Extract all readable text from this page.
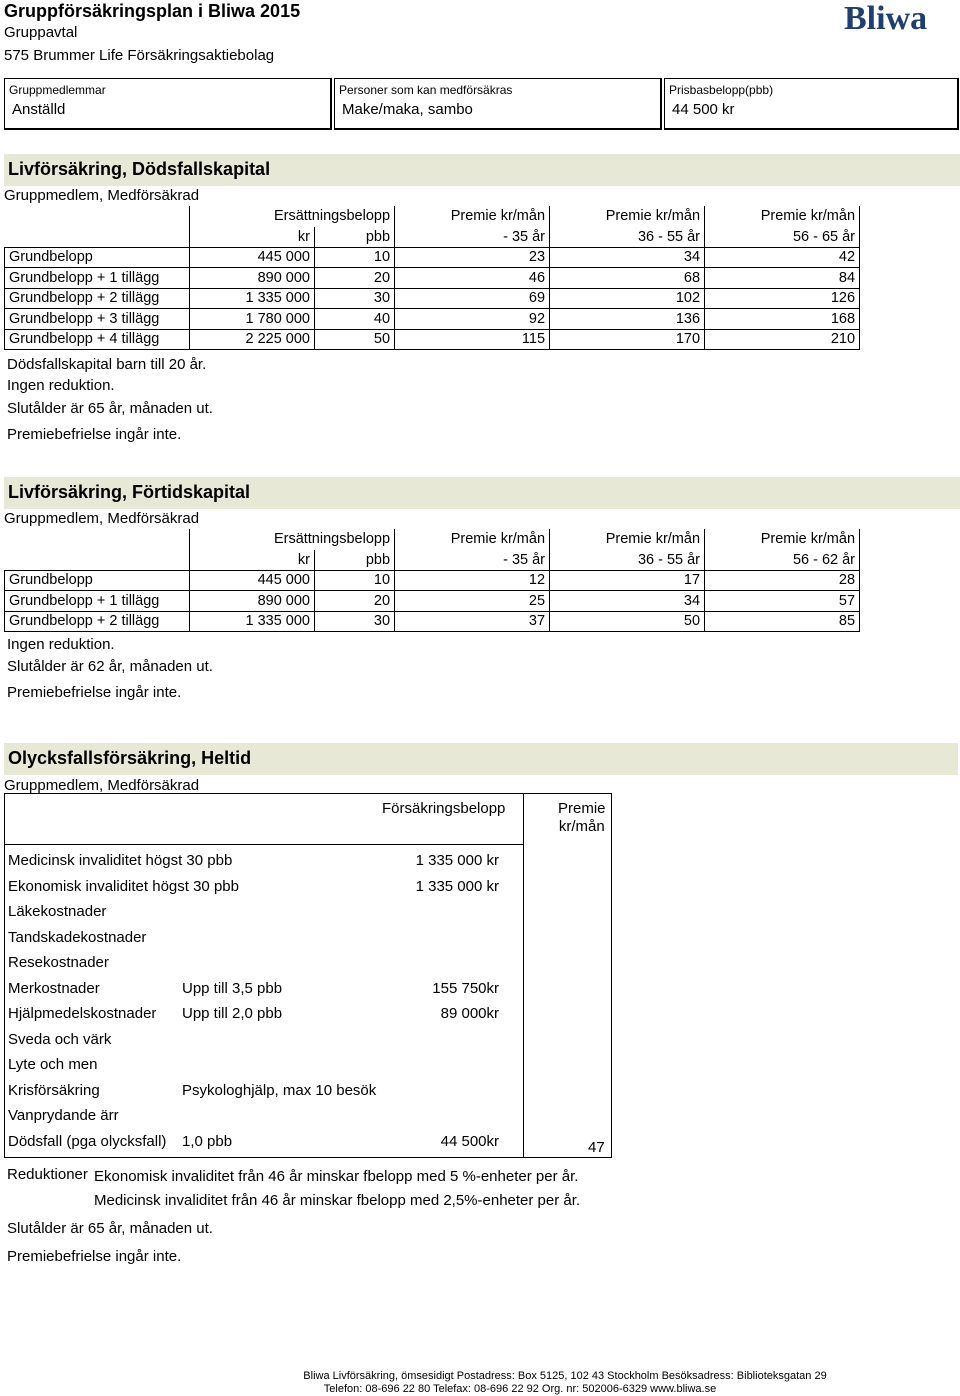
Gruppförsäkringsplan i Bliwa 2015
Gruppavtal
575 Brummer Life Försäkringsaktiebolag
Bliwa
Gruppmedlemmar
Anställd
Personer som kan medförsäkras
Make/maka, sambo
Prisbasbelopp(pbb)
44 500 kr
Livförsäkring, Dödsfallskapital
Gruppmedlem, Medförsäkrad
	Ersättningsbelopp		Premie kr/mån	Premie kr/mån	Premie kr/mån
	kr	pbb	- 35 år	36 - 55 år	56 - 65 år
Grundbelopp	445 000	10	23	34	42
Grundbelopp + 1 tillägg	890 000	20	46	68	84
Grundbelopp + 2 tillägg	1 335 000	30	69	102	126
Grundbelopp + 3 tillägg	1 780 000	40	92	136	168
Grundbelopp + 4 tillägg	2 225 000	50	115	170	210
Dödsfallskapital barn till 20 år.
Ingen reduktion.
Slutålder är 65 år, månaden ut.
Premiebefrielse ingår inte.
Livförsäkring, Förtidskapital
Gruppmedlem, Medförsäkrad
	Ersättningsbelopp		Premie kr/mån	Premie kr/mån	Premie kr/mån
	kr	pbb	- 35 år	36 - 55 år	56 - 62 år
Grundbelopp	445 000	10	12	17	28
Grundbelopp + 1 tillägg	890 000	20	25	34	57
Grundbelopp + 2 tillägg	1 335 000	30	37	50	85
Ingen reduktion.
Slutålder är 62 år, månaden ut.
Premiebefrielse ingår inte.
Olycksfallsförsäkring, Heltid
Gruppmedlem, Medförsäkrad
Försäkringsbelopp	Premie
kr/mån
Medicinsk invaliditet högst 30 pbb	1 335 000 kr
Ekonomisk invaliditet högst 30 pbb	1 335 000 kr
Läkekostnader
Tandskadekostnader
Resekostnader
Merkostnader	Upp till 3,5 pbb	155 750kr
Hjälpmedelskostnader Upp till 2,0 pbb	89 000kr
Sveda och värk
Lyte och men
Krisförsäkring	Psykologhjälp, max 10 besök
Vanprydande ärr
Dödsfall (pga olycksfall) 1,0 pbb	44 500kr	47
Reduktioner Ekonomisk invaliditet från 46 år minskar fbelopp med 5 %-enheter per år.
Medicinsk invaliditet från 46 år minskar fbelopp med 2,5%-enheter per år.
Slutålder är 65 år, månaden ut.
Premiebefrielse ingår inte.
Bliwa Livförsäkring, ömsesidigt Postadress: Box 5125, 102 43 Stockholm Besöksadress: Biblioteksgatan 29
Telefon: 08-696 22 80 Telefax: 08-696 22 92 Org. nr: 502006-6329 www.bliwa.se
